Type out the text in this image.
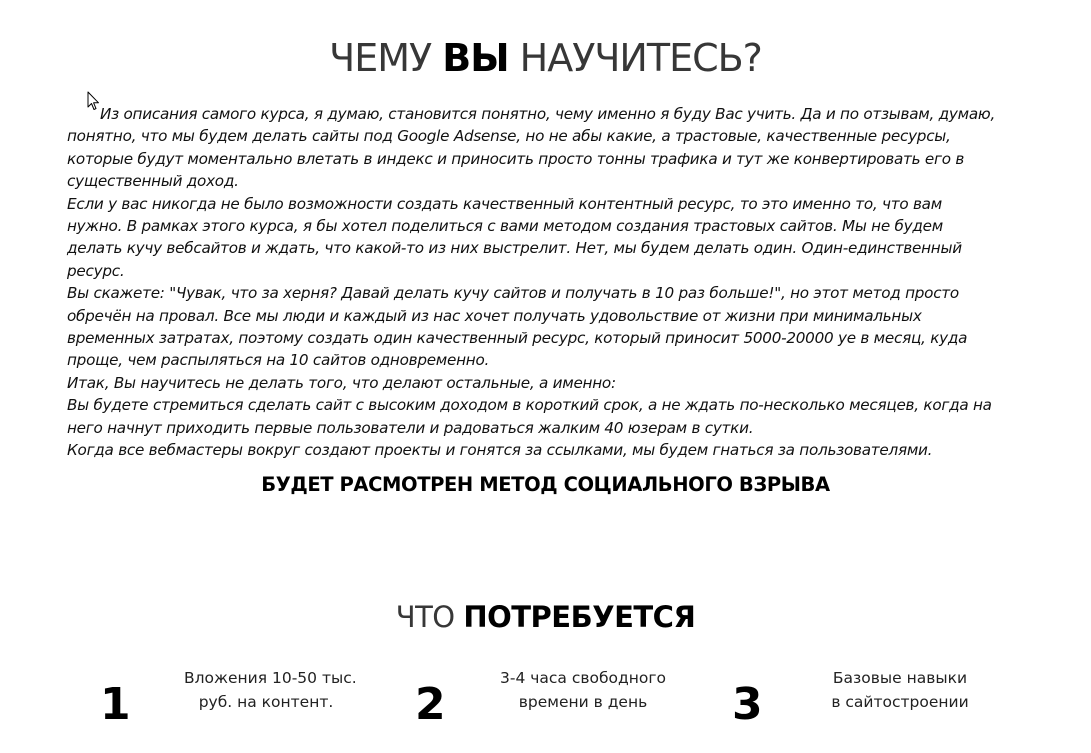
ЧЕМУ ВЫ НАУЧИТЕСЬ?

Из описания самого курса, я думаю, становится понятно, чему именно я буду Вас учить. Да и по отзывам, думаю, понятно, что мы будем делать сайты под Google Adsense, но не абы какие, а трастовые, качественные ресурсы, которые будут моментально влетать в индекс и приносить просто тонны трафика и тут же конвертировать его в существенный доход.

Если у вас никогда не было возможности создать качественный контентный ресурс, то это именно то, что вам нужно. В рамках этого курса, я бы хотел поделиться с вами методом создания трастовых сайтов. Мы не будем делать кучу вебсайтов и ждать, что какой-то из них выстрелит. Нет, мы будем делать один. Один-единственный ресурс.

Вы скажете: "Чувак, что за херня? Давай делать кучу сайтов и получать в 10 раз больше!", но этот метод просто обречён на провал. Все мы люди и каждый из нас хочет получать удовольствие от жизни при минимальных временных затратах, поэтому создать один качественный ресурс, который приносит 5000-20000 уе в месяц, куда проще, чем распыляться на 10 сайтов одновременно.

Итак, Вы научитесь не делать того, что делают остальные, а именно:

Вы будете стремиться сделать сайт с высоким доходом в короткий срок, а не ждать по-несколько месяцев, когда на него начнут приходить первые пользователи и радоваться жалким 40 юзерам в сутки.

Когда все вебмастеры вокруг создают проекты и гонятся за ссылками, мы будем гнаться за пользователями.

БУДЕТ РАСМОТРЕН МЕТОД СОЦИАЛЬНОГО ВЗРЫВА
ЧТО ПОТРЕБУЕТСЯ
1
Вложения 10-50 тыс.
руб. на контент.	2
3-4 часа свободного
времени в день	3
Базовые навыки
в сайтостроении
